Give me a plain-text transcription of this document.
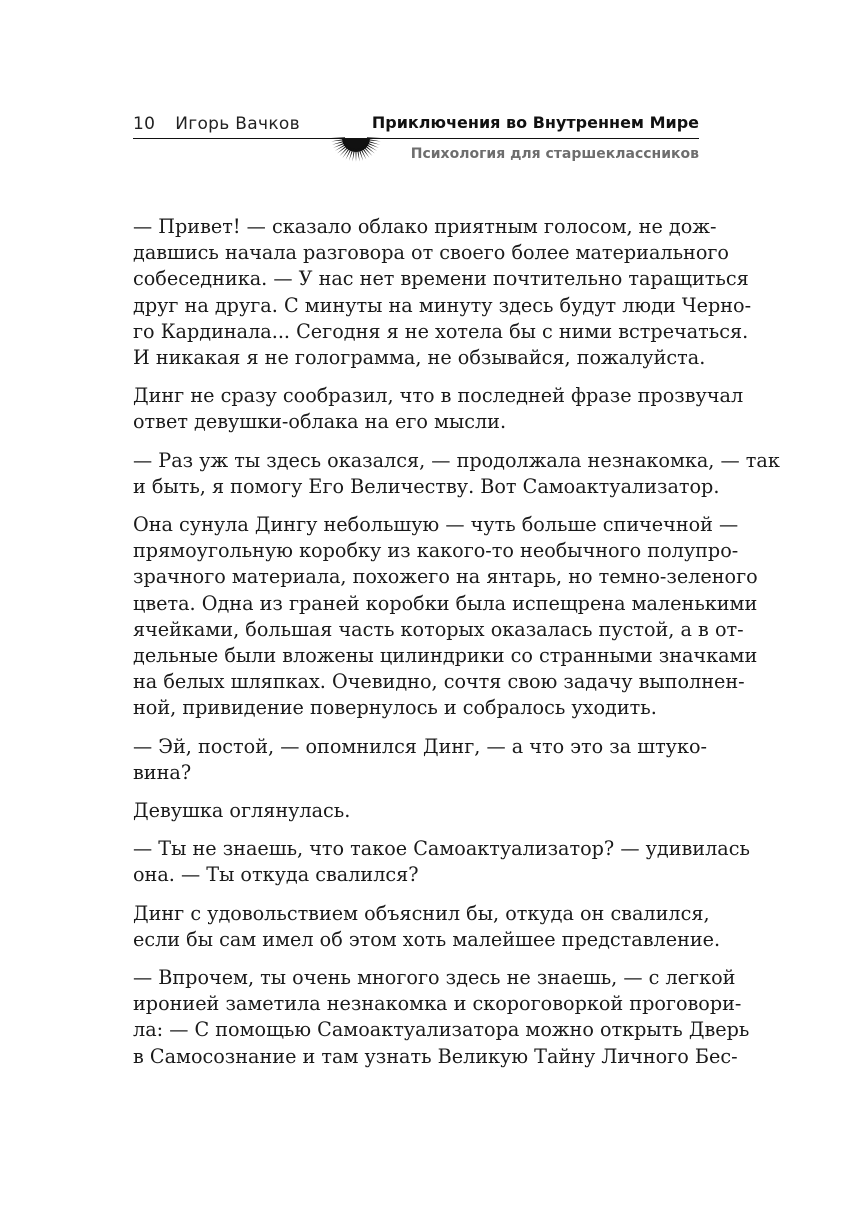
10 Игорь Вачков	Приключения во Внутреннем Мире
Психология для старшеклассников

— Привет! — сказало облако приятным голосом, не дож-
давшись начала разговора от своего более материального
собеседника. — У нас нет времени почтительно таращиться
друг на друга. С минуты на минуту здесь будут люди Черно-
го Кардинала... Сегодня я не хотела бы с ними встречаться.
И никакая я не голограмма, не обзывайся, пожалуйста.

Динг не сразу сообразил, что в последней фразе прозвучал
ответ девушки-облака на его мысли.

— Раз уж ты здесь оказался, — продолжала незнакомка, — так
и быть, я помогу Его Величеству. Вот Самоактуализатор.

Она сунула Дингу небольшую — чуть больше спичечной —
прямоугольную коробку из какого-то необычного полупро-
зрачного материала, похожего на янтарь, но темно-зеленого
цвета. Одна из граней коробки была испещрена маленькими
ячейками, большая часть которых оказалась пустой, а в от-
дельные были вложены цилиндрики со странными значками
на белых шляпках. Очевидно, сочтя свою задачу выполнен-
ной, привидение повернулось и собралось уходить.

— Эй, постой, — опомнился Динг, — а что это за штуко-
вина?

Девушка оглянулась.

— Ты не знаешь, что такое Самоактуализатор? — удивилась
она. — Ты откуда свалился?

Динг с удовольствием объяснил бы, откуда он свалился,
если бы сам имел об этом хоть малейшее представление.

— Впрочем, ты очень многого здесь не знаешь, — с легкой
иронией заметила незнакомка и скороговоркой проговори-
ла: — С помощью Самоактуализатора можно открыть Дверь
в Самосознание и там узнать Великую Тайну Личного Бес-
